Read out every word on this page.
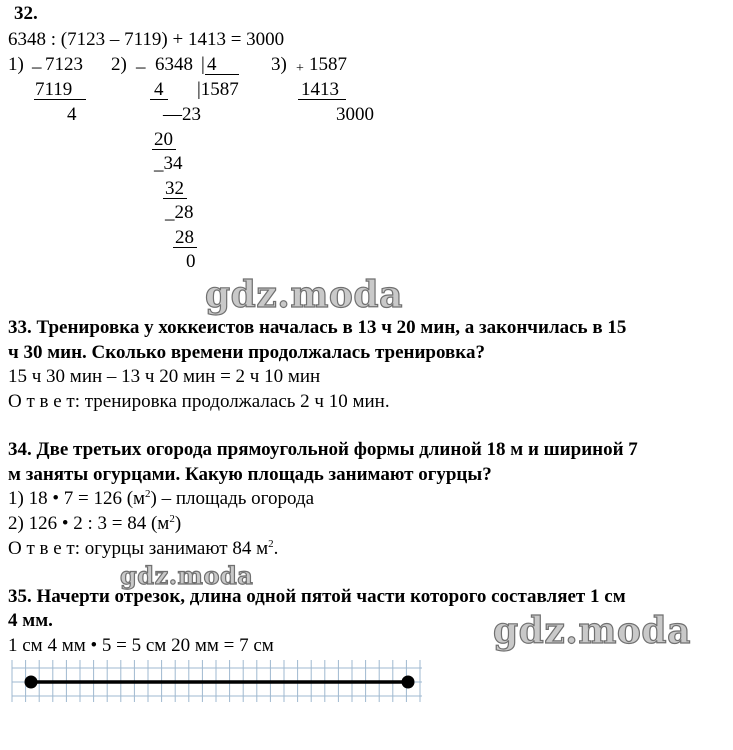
32.
6348 : (7123 – 7119) + 1413 = 3000
1) _ 7123
7119
4
2) _ 6348 | 4
4 |1587
—23
20
_34
32
_28
28
0
3) + 1587
1413
3000
gdz.moda
33. Тренировка у хоккеистов началась в 13 ч 20 мин, а закончилась в 15
ч 30 мин. Сколько времени продолжалась тренировка?
15 ч 30 мин – 13 ч 20 мин = 2 ч 10 мин
О т в е т: тренировка продолжалась 2 ч 10 мин.
34. Две третьих огорода прямоугольной формы длиной 18 м и шириной 7
м заняты огурцами. Какую площадь занимают огурцы?
1) 18 • 7 = 126 $(м^2)$ – площадь огорода
2) 126 • 2 : 3 = 84 $(м^2)$
О т в е т: огурцы занимают 84 $м^2$.
gdz.moda
35. Начерти отрезок, длина одной пятой части которого составляет 1 см
4 мм.	gdz.moda
1 см 4 мм • 5 = 5 см 20 мм = 7 см
